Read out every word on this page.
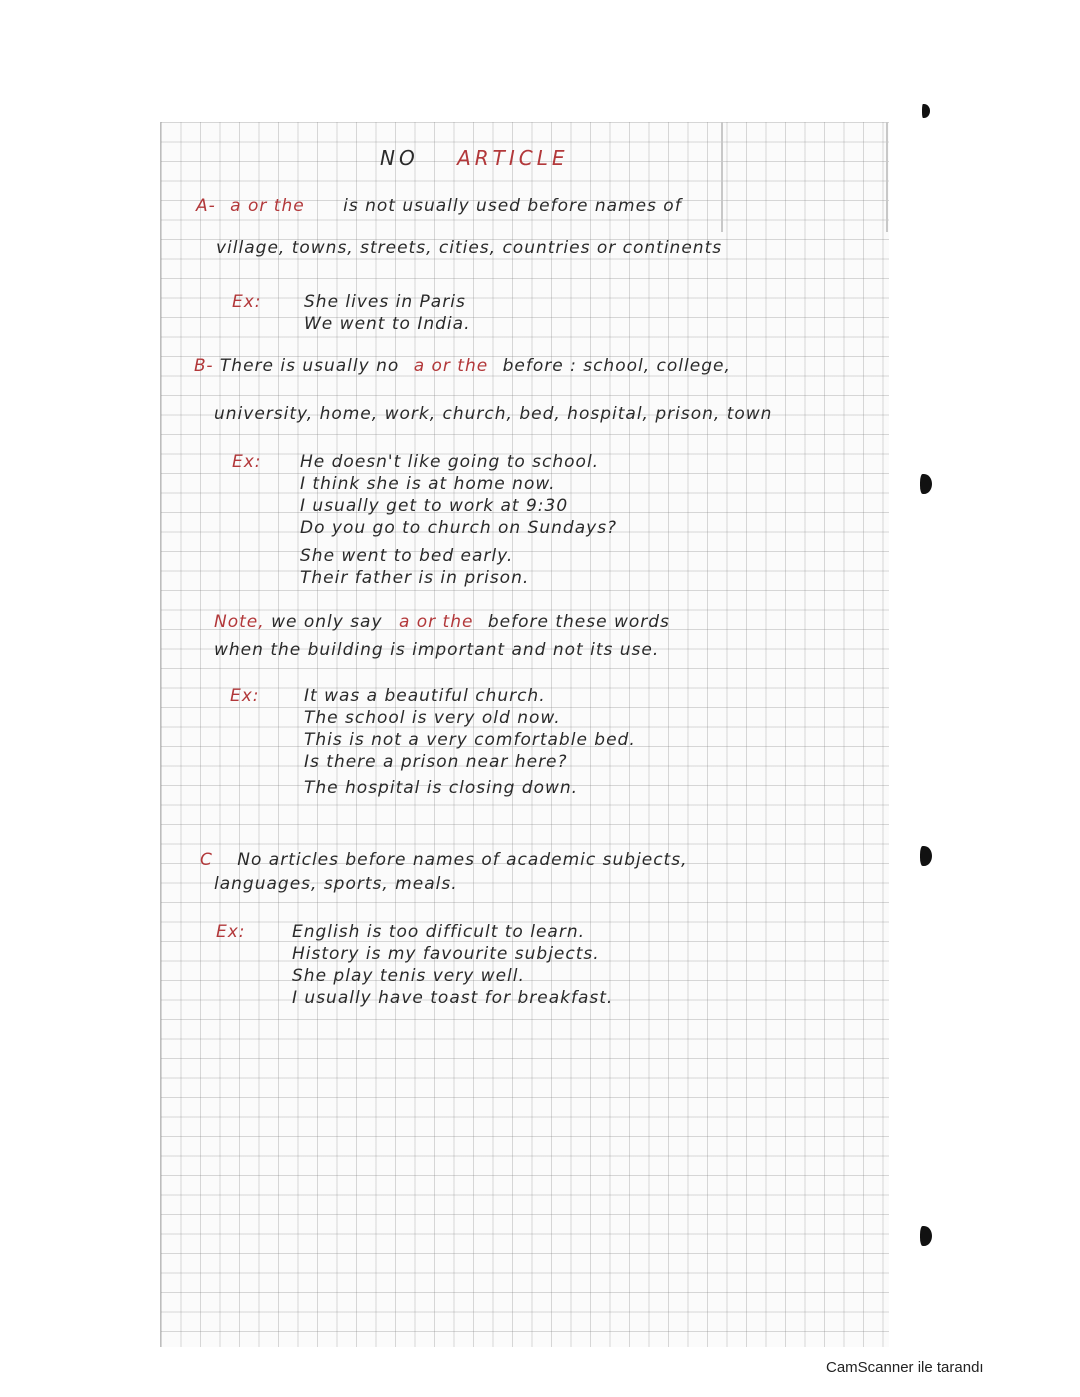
NO ARTICLE
A- a or the is not usually used before names of
village, towns, streets, cities, countries or continents
Ex: She lives in Paris
We went to India.
B- There is usually no a or the before : school, college,
university, home, work, church, bed, hospital, prison, town
Ex: He doesn't like going to school.
I think she is at home now.
I usually get to work at 9:30
Do you go to church on Sundays?
She went to bed early.
Their father is in prison.
Note, we only say a or the before these words
when the building is important and not its use.
Ex:	It was a beautiful church.
The school is very old now.
This is not a very comfortable bed.
Is there a prison near here?
The hospital is closing down.
C No articles before names of academic subjects,
languages, sports, meals.
Ex:	English is too difficult to learn.
History is my favourite subjects.
She play tenis very well.
I usually have toast for breakfast.
CamScanner ile tarandı
